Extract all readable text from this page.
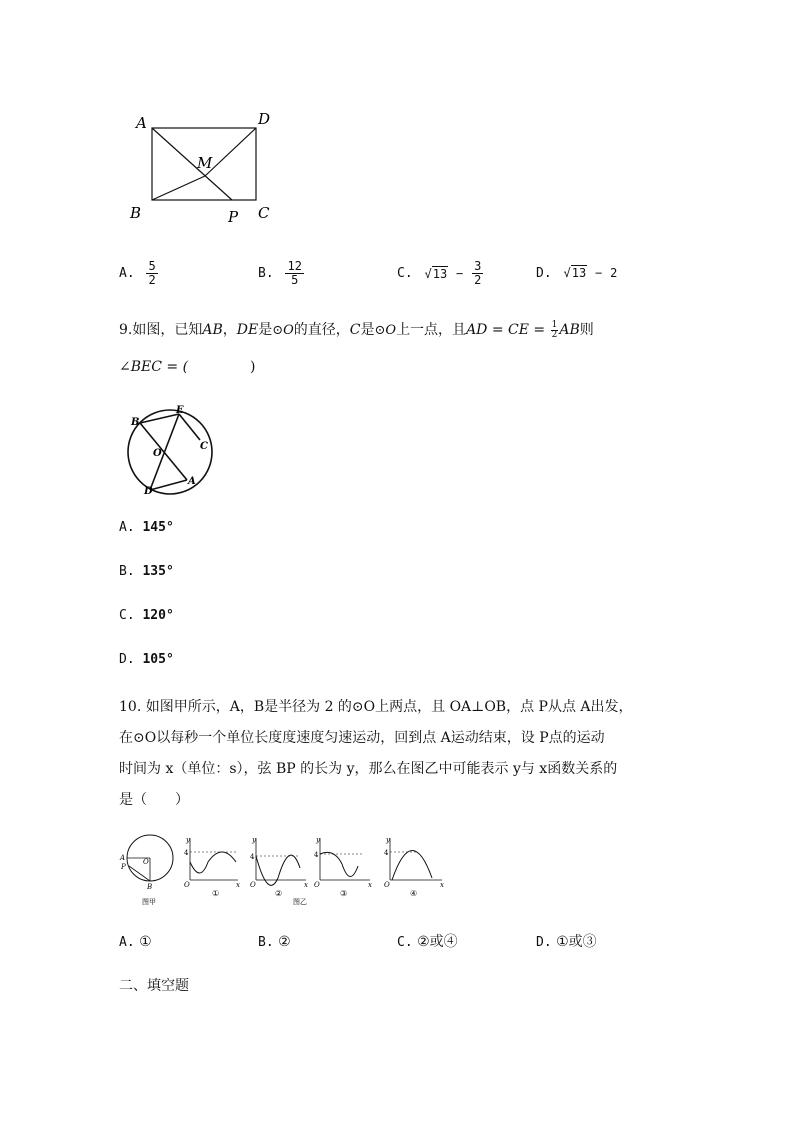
A	D
M
B	P C
A. $\frac{5}{2}$	B. $\frac{12}{5}$	C. $√13 - \frac{3}{2}$	D. √13 − 2
9.如图，已知AB，DE是⊙O的直径，C是⊙O上一点，且AD = CE = $\frac{1}{2}$ AB则
∠BEC = (	)
B
E
C
O
D
A
A. 145°
B. 135°
C. 120°
D. 105°
10. 如图甲所示，A，B是半径为 2 的⊙O上两点，且 OA⊥OB，点 P从点 A出发，
在⊙O以每秒一个单位长度度速度匀速运动，回到点 A运动结束，设 P点的运动
时间为 x（单位：s），弦 BP 的长为 y，那么在图乙中可能表示 y与 x函数关系的
是（　　）
A
P
O
B
图甲
y
4
O	x
①
y
4
O	x
②
图乙
y
4
O	x
③
y
4
O	x
④
A. ①	B. ②	C. ②或④	D. ①或③
二、填空题
